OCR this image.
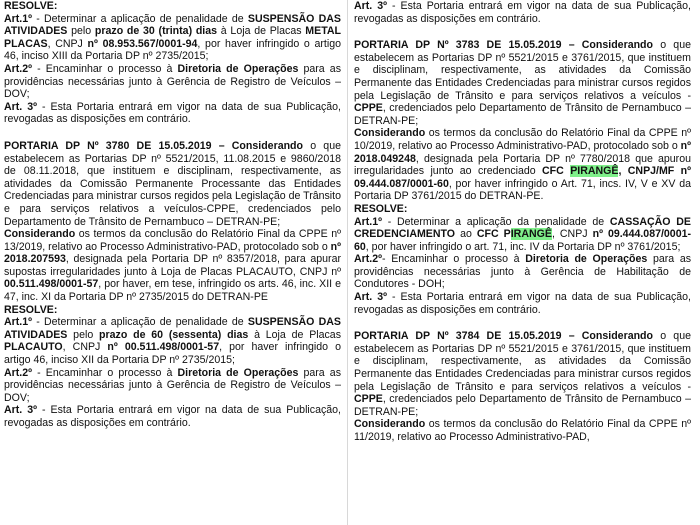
RESOLVE:

Art.1º - Determinar a aplicação de penalidade de SUSPENSÃO DAS ATIVIDADES pelo prazo de 30 (trinta) dias à Loja de Placas METAL PLACAS, CNPJ nº 08.953.567/0001-94, por haver infringido o artigo 46, inciso XIII da Portaria DP nº 2735/2015;

Art.2º - Encaminhar o processo à Diretoria de Operações para as providências necessárias junto à Gerência de Registro de Veículos – DOV;

Art. 3º - Esta Portaria entrará em vigor na data de sua Publicação, revogadas as disposições em contrário.

PORTARIA DP Nº 3780 DE 15.05.2019 – Considerando o que estabelecem as Portarias DP nº 5521/2015, 11.08.2015 e 9860/2018 de 08.11.2018, que instituem e disciplinam, respectivamente, as atividades da Comissão Permanente Processante das Entidades Credenciadas para ministrar cursos regidos pela Legislação de Trânsito e para serviços relativos a veículos-CPPE, credenciados pelo Departamento de Trânsito de Pernambuco – DETRAN-PE;

Considerando os termos da conclusão do Relatório Final da CPPE nº 13/2019, relativo ao Processo Administrativo-PAD, protocolado sob o nº 2018.207593, designada pela Portaria DP nº 8357/2018, para apurar supostas irregularidades junto à Loja de Placas PLACAUTO, CNPJ nº 00.511.498/0001-57, por haver, em tese, infringido os arts. 46, inc. XII e 47, inc. XI da Portaria DP nº 2735/2015 do DETRAN-PE

RESOLVE:

Art.1º - Determinar a aplicação de penalidade de SUSPENSÃO DAS ATIVIDADES pelo prazo de 60 (sessenta) dias à Loja de Placas PLACAUTO, CNPJ nº 00.511.498/0001-57, por haver infringido o artigo 46, inciso XII da Portaria DP nº 2735/2015;

Art.2º - Encaminhar o processo à Diretoria de Operações para as providências necessárias junto à Gerência de Registro de Veículos – DOV;

Art. 3º - Esta Portaria entrará em vigor na data de sua Publicação, revogadas as disposições em contrário.

Art. 3º - Esta Portaria entrará em vigor na data de sua Publicação, revogadas as disposições em contrário.

PORTARIA DP Nº 3783 DE 15.05.2019 – Considerando o que estabelecem as Portarias DP nº 5521/2015 e 3761/2015, que instituem e disciplinam, respectivamente, as atividades da Comissão Permanente das Entidades Credenciadas para ministrar cursos regidos pela Legislação de Trânsito e para serviços relativos a veículos - CPPE, credenciados pelo Departamento de Trânsito de Pernambuco – DETRAN-PE;

Considerando os termos da conclusão do Relatório Final da CPPE nº 10/2019, relativo ao Processo Administrativo-PAD, protocolado sob o nº 2018.049248, designada pela Portaria DP nº 7780/2018 que apurou irregularidades junto ao credenciado CFC PIRANGÊ, CNPJ/MF nº 09.444.087/0001-60, por haver infringido o Art. 71, incs. IV, V e XV da Portaria DP 3761/2015 do DETRAN-PE.

RESOLVE:

Art.1º - Determinar a aplicação da penalidade de CASSAÇÃO DE CREDENCIAMENTO ao CFC PIRANGÊ, CNPJ nº 09.444.087/0001-60, por haver infringido o art. 71, inc. IV da Portaria DP nº 3761/2015;

Art.2º- Encaminhar o processo à Diretoria de Operações para as providências necessárias junto à Gerência de Habilitação de Condutores - DOH;

Art. 3º - Esta Portaria entrará em vigor na data de sua Publicação, revogadas as disposições em contrário.

PORTARIA DP Nº 3784 DE 15.05.2019 – Considerando o que estabelecem as Portarias DP nº 5521/2015 e 3761/2015, que instituem e disciplinam, respectivamente, as atividades da Comissão Permanente das Entidades Credenciadas para ministrar cursos regidos pela Legislação de Trânsito e para serviços relativos a veículos - CPPE, credenciados pelo Departamento de Trânsito de Pernambuco – DETRAN-PE;

Considerando os termos da conclusão do Relatório Final da CPPE nº 11/2019, relativo ao Processo Administrativo-PAD,
